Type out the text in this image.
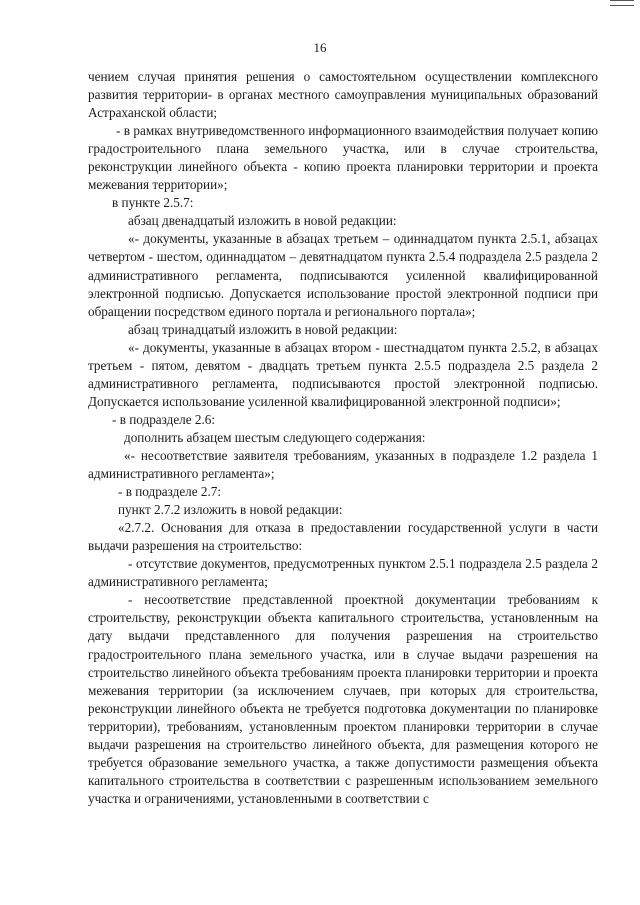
16

чением случая принятия решения о самостоятельном осуществлении комплексного развития территории- в органах местного самоуправления муниципальных образований Астраханской области;

- в рамках внутриведомственного информационного взаимодействия получает копию градостроительного плана земельного участка, или в случае строительства, реконструкции линейного объекта - копию проекта планировки территории и проекта межевания территории»;

в пункте 2.5.7:

абзац двенадцатый изложить в новой редакции:

«- документы, указанные в абзацах третьем – одиннадцатом пункта 2.5.1, абзацах четвертом - шестом, одиннадцатом – девятнадцатом пункта 2.5.4 подраздела 2.5 раздела 2 административного регламента, подписываются усиленной квалифицированной электронной подписью. Допускается использование простой электронной подписи при обращении посредством единого портала и регионального портала»;

абзац тринадцатый изложить в новой редакции:

«- документы, указанные в абзацах втором - шестнадцатом пункта 2.5.2, в абзацах третьем - пятом, девятом - двадцать третьем пункта 2.5.5 подраздела 2.5 раздела 2 административного регламента, подписываются простой электронной подписью. Допускается использование усиленной квалифицированной электронной подписи»;

- в подразделе 2.6:

дополнить абзацем шестым следующего содержания:

«- несоответствие заявителя требованиям, указанных в подразделе 1.2 раздела 1 административного регламента»;

- в подразделе 2.7:

пункт 2.7.2 изложить в новой редакции:

«2.7.2. Основания для отказа в предоставлении государственной услуги в части выдачи разрешения на строительство:

- отсутствие документов, предусмотренных пунктом 2.5.1 подраздела 2.5 раздела 2 административного регламента;

- несоответствие представленной проектной документации требованиям к строительству, реконструкции объекта капитального строительства, установленным на дату выдачи представленного для получения разрешения на строительство градостроительного плана земельного участка, или в случае выдачи разрешения на строительство линейного объекта требованиям проекта планировки территории и проекта межевания территории (за исключением случаев, при которых для строительства, реконструкции линейного объекта не требуется подготовка документации по планировке территории), требованиям, установленным проектом планировки территории в случае выдачи разрешения на строительство линейного объекта, для размещения которого не требуется образование земельного участка, а также допустимости размещения объекта капитального строительства в соответствии с разрешенным использованием земельного участка и ограничениями, установленными в соответствии с
